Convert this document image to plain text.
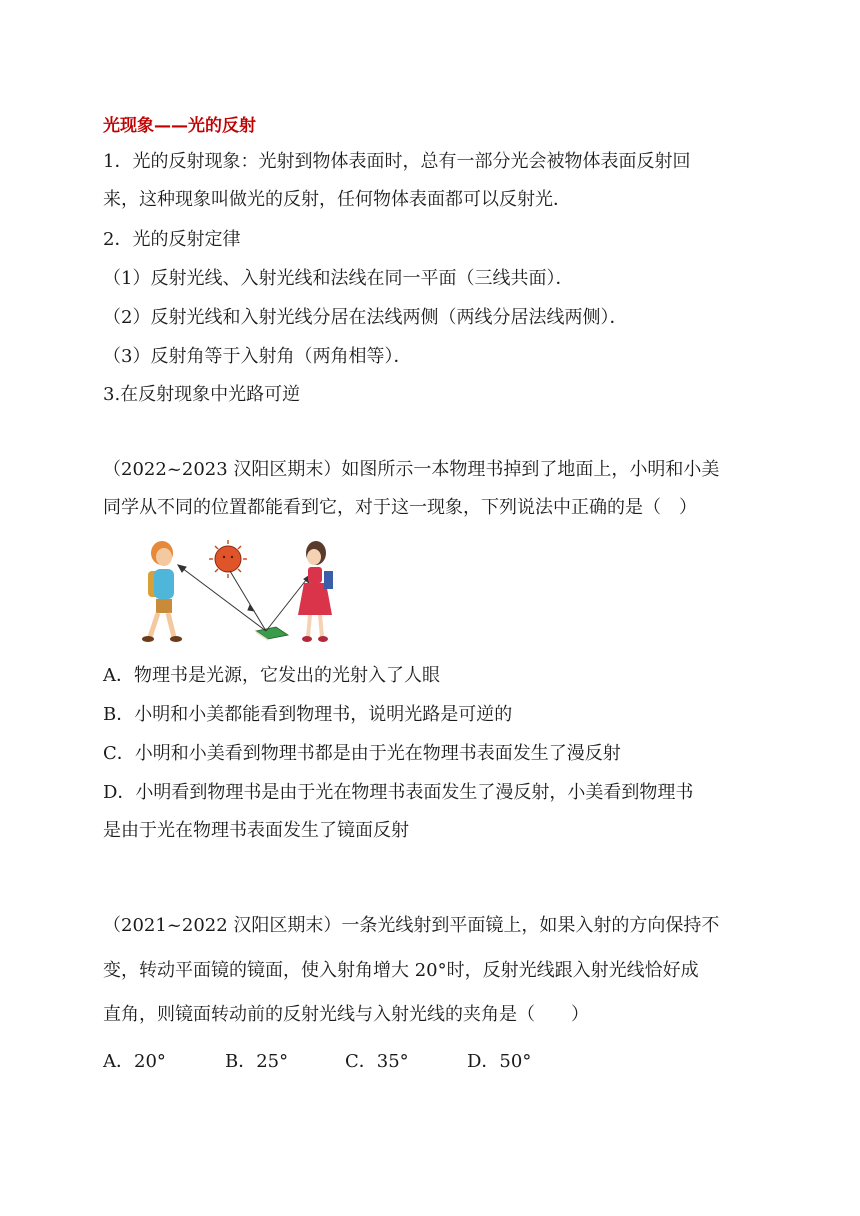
光现象——光的反射
1．光的反射现象：光射到物体表面时，总有一部分光会被物体表面反射回
来，这种现象叫做光的反射，任何物体表面都可以反射光．
2．光的反射定律
（1）反射光线、入射光线和法线在同一平面（三线共面）．
（2）反射光线和入射光线分居在法线两侧（两线分居法线两侧）．
（3）反射角等于入射角（两角相等）．
3.在反射现象中光路可逆
（2022~2023 汉阳区期末）如图所示一本物理书掉到了地面上，小明和小美
同学从不同的位置都能看到它，对于这一现象，下列说法中正确的是（　）
A．物理书是光源，它发出的光射入了人眼
B．小明和小美都能看到物理书，说明光路是可逆的
C．小明和小美看到物理书都是由于光在物理书表面发生了漫反射
D．小明看到物理书是由于光在物理书表面发生了漫反射，小美看到物理书
是由于光在物理书表面发生了镜面反射
（2021~2022 汉阳区期末）一条光线射到平面镜上，如果入射的方向保持不
变，转动平面镜的镜面，使入射角增大 20°时，反射光线跟入射光线恰好成
直角，则镜面转动前的反射光线与入射光线的夹角是（　　）
A．20°	B．25°	C．35°	D．50°
